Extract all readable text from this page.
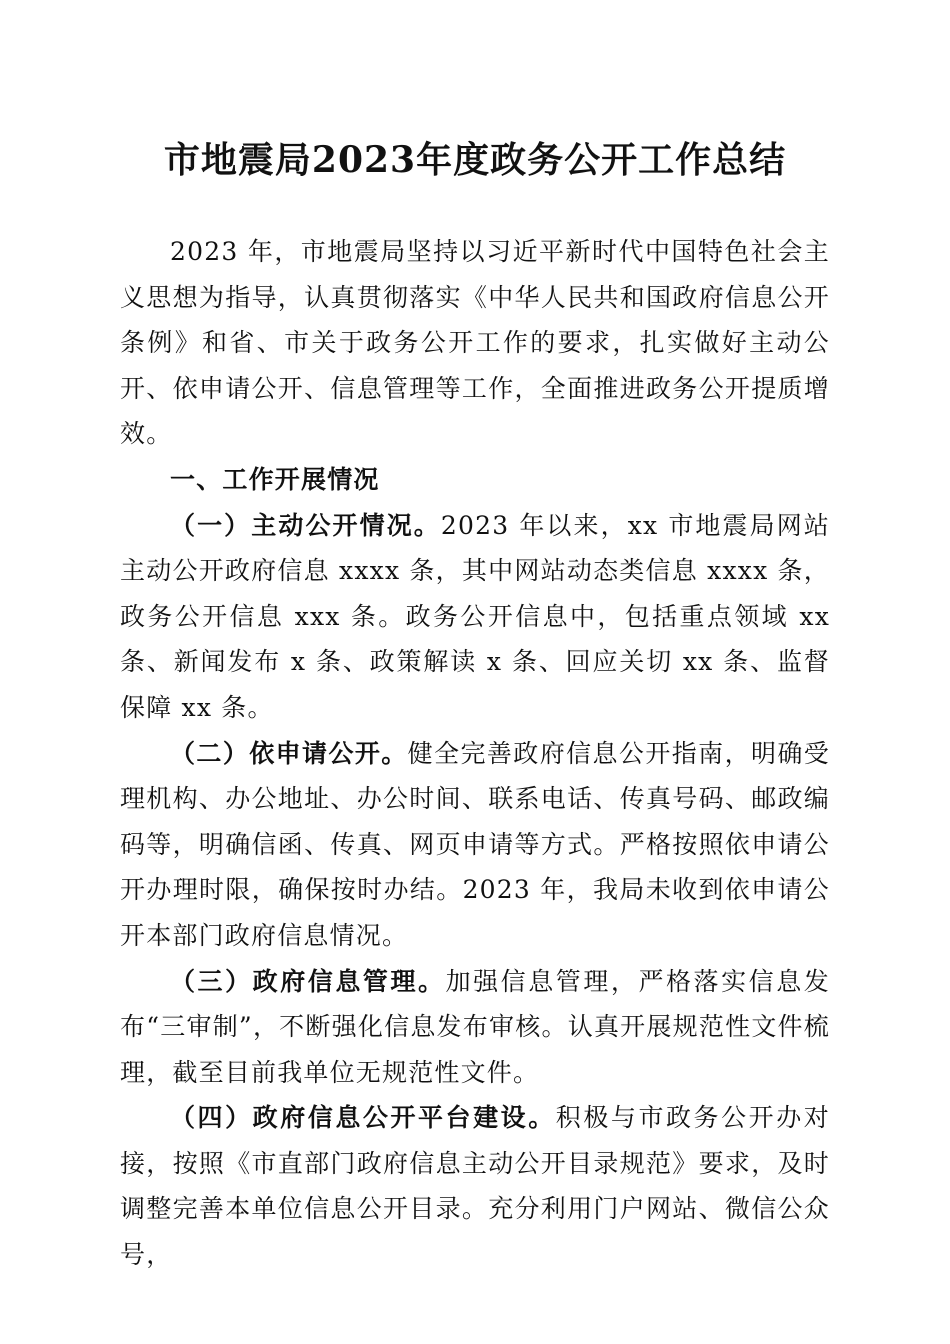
市地震局2023年度政务公开工作总结

2023 年，市地震局坚持以习近平新时代中国特色社会主义思想为指导，认真贯彻落实《中华人民共和国政府信息公开条例》和省、市关于政务公开工作的要求，扎实做好主动公开、依申请公开、信息管理等工作，全面推进政务公开提质增效。

一、工作开展情况

（一）主动公开情况。2023 年以来，xx 市地震局网站主动公开政府信息 xxxx 条，其中网站动态类信息 xxxx 条，政务公开信息 xxx 条。政务公开信息中，包括重点领域 xx 条、新闻发布 x 条、政策解读 x 条、回应关切 xx 条、监督保障 xx 条。

（二）依申请公开。健全完善政府信息公开指南，明确受理机构、办公地址、办公时间、联系电话、传真号码、邮政编码等，明确信函、传真、网页申请等方式。严格按照依申请公开办理时限，确保按时办结。2023 年，我局未收到依申请公开本部门政府信息情况。

（三）政府信息管理。加强信息管理，严格落实信息发布“三审制”，不断强化信息发布审核。认真开展规范性文件梳理，截至目前我单位无规范性文件。

（四）政府信息公开平台建设。积极与市政务公开办对接，按照《市直部门政府信息主动公开目录规范》要求，及时调整完善本单位信息公开目录。充分利用门户网站、微信公众号，
